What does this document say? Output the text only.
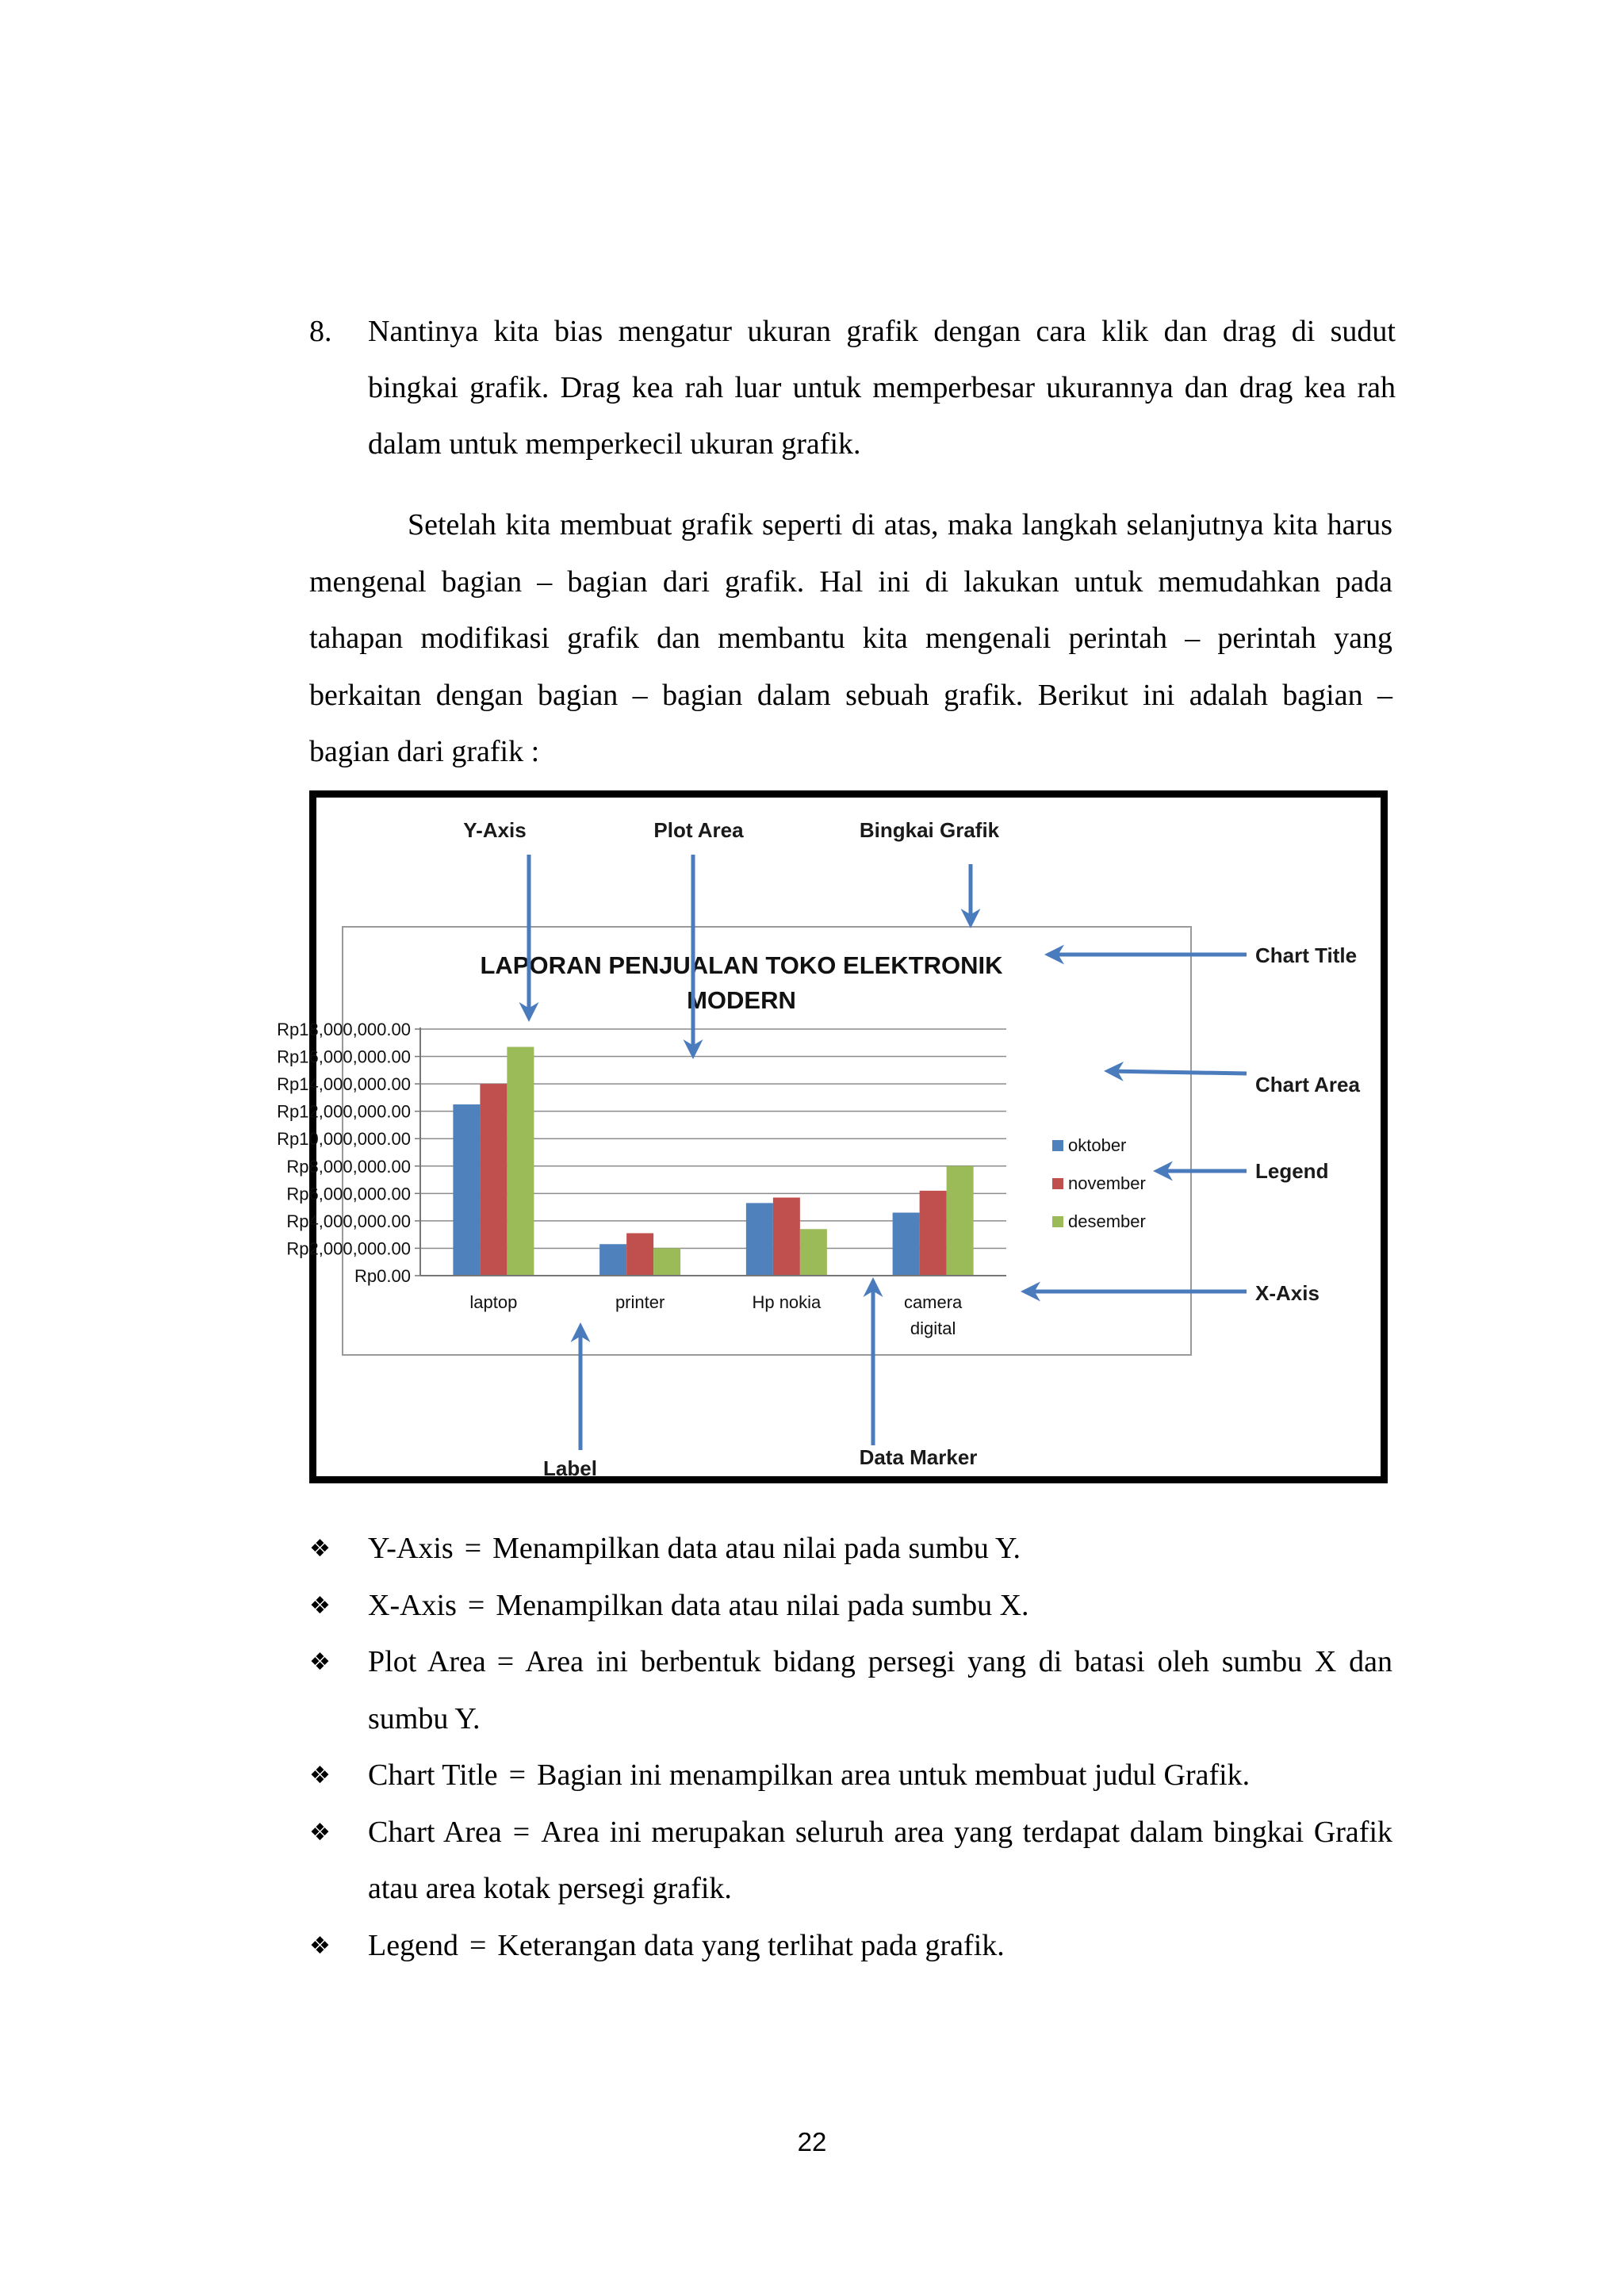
8. Nantinya kita bias mengatur ukuran grafik dengan cara klik dan drag di sudut bingkai grafik. Drag kea rah luar untuk memperbesar ukurannya dan drag kea rah dalam untuk memperkecil ukuran grafik.
Setelah kita membuat grafik seperti di atas, maka langkah selanjutnya kita harus mengenal bagian – bagian dari grafik. Hal ini di lakukan untuk memudahkan pada tahapan modifikasi grafik dan membantu kita mengenali perintah – perintah yang berkaitan dengan bagian – bagian dalam sebuah grafik. Berikut ini adalah bagian – bagian dari grafik :
LAPORAN PENJUALAN TOKO ELEKTRONIK
MODERN
Rp0.00
Rp2,000,000.00
Rp4,000,000.00
Rp6,000,000.00
Rp8,000,000.00
Rp10,000,000.00
Rp12,000,000.00
Rp14,000,000.00
Rp16,000,000.00
Rp18,000,000.00
laptop	printer	Hp nokia	camera
digital
oktober
november
desember
Y-Axis	Plot Area	Bingkai Grafik
Chart Title
Chart Area
Legend
X-Axis
Label	Data Marker
❖ Y-Axis = Menampilkan data atau nilai pada sumbu Y.
❖ X-Axis = Menampilkan data atau nilai pada sumbu X.
❖ Plot Area = Area ini berbentuk bidang persegi yang di batasi oleh sumbu X dan sumbu Y.
❖ Chart Title = Bagian ini menampilkan area untuk membuat judul Grafik.
❖ Chart Area = Area ini merupakan seluruh area yang terdapat dalam bingkai Grafik atau area kotak persegi grafik.
❖ Legend = Keterangan data yang terlihat pada grafik.
22
